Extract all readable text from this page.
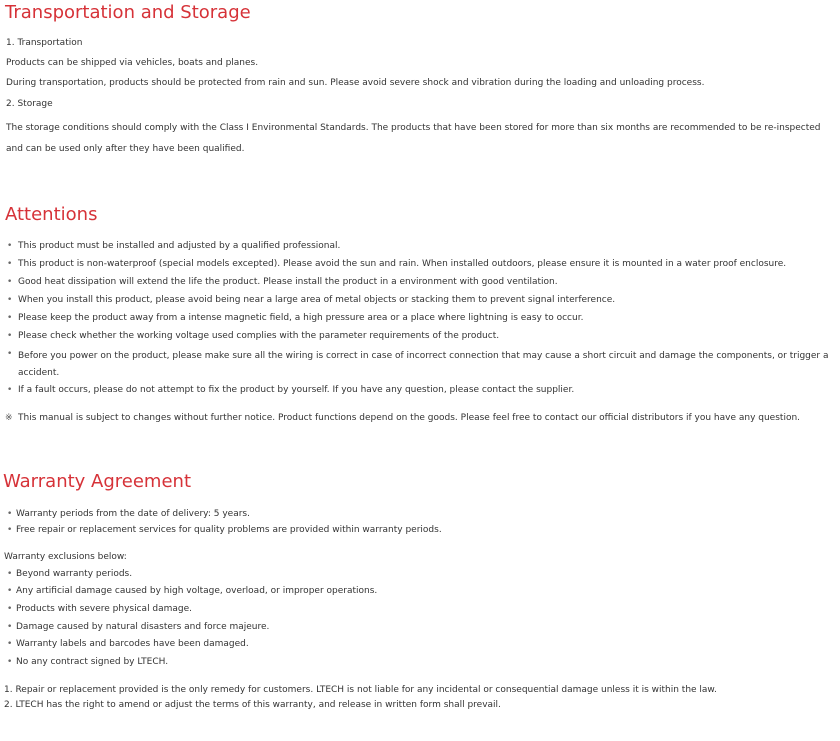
Transportation and Storage
1. Transportation
Products can be shipped via vehicles, boats and planes.
During transportation, products should be protected from rain and sun. Please avoid severe shock and vibration during the loading and unloading process.
2. Storage
The storage conditions should comply with the Class I Environmental Standards. The products that have been stored for more than six months are recommended to be re-inspected and can be used only after they have been qualified.
Attentions
• This product must be installed and adjusted by a qualified professional.
• This product is non-waterproof (special models excepted). Please avoid the sun and rain. When installed outdoors, please ensure it is mounted in a water proof enclosure.
• Good heat dissipation will extend the life the product. Please install the product in a environment with good ventilation.
• When you install this product, please avoid being near a large area of metal objects or stacking them to prevent signal interference.
• Please keep the product away from a intense magnetic field, a high pressure area or a place where lightning is easy to occur.
• Please check whether the working voltage used complies with the parameter requirements of the product.
• Before you power on the product, please make sure all the wiring is correct in case of incorrect connection that may cause a short circuit and damage the components, or trigger a accident.
• If a fault occurs, please do not attempt to fix the product by yourself. If you have any question, please contact the supplier.
※ This manual is subject to changes without further notice. Product functions depend on the goods. Please feel free to contact our official distributors if you have any question.
Warranty Agreement
• Warranty periods from the date of delivery: 5 years.
• Free repair or replacement services for quality problems are provided within warranty periods.
Warranty exclusions below:
• Beyond warranty periods.
• Any artificial damage caused by high voltage, overload, or improper operations.
• Products with severe physical damage.
• Damage caused by natural disasters and force majeure.
• Warranty labels and barcodes have been damaged.
• No any contract signed by LTECH.
1. Repair or replacement provided is the only remedy for customers. LTECH is not liable for any incidental or consequential damage unless it is within the law.
2. LTECH has the right to amend or adjust the terms of this warranty, and release in written form shall prevail.
